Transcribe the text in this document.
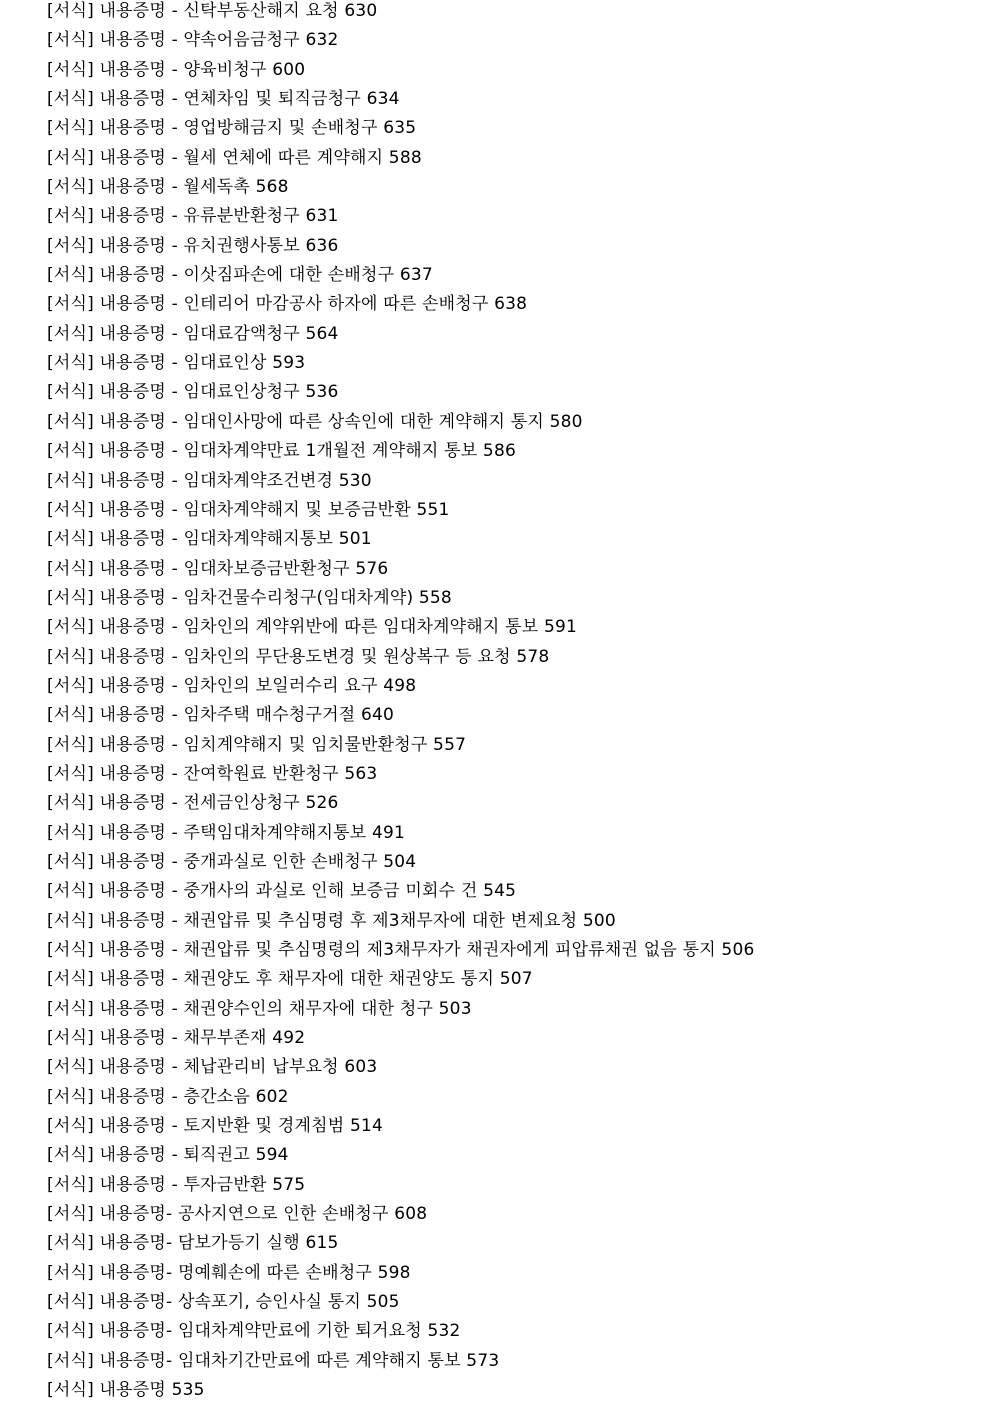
[서식] 내용증명 - 신탁부동산해지 요청 630
[서식] 내용증명 - 약속어음금청구 632
[서식] 내용증명 - 양육비청구 600
[서식] 내용증명 - 연체차임 및 퇴직금청구 634
[서식] 내용증명 - 영업방해금지 및 손배청구 635
[서식] 내용증명 - 월세 연체에 따른 계약해지 588
[서식] 내용증명 - 월세독촉 568
[서식] 내용증명 - 유류분반환청구 631
[서식] 내용증명 - 유치권행사통보 636
[서식] 내용증명 - 이삿짐파손에 대한 손배청구 637
[서식] 내용증명 - 인테리어 마감공사 하자에 따른 손배청구 638
[서식] 내용증명 - 임대료감액청구 564
[서식] 내용증명 - 임대료인상 593
[서식] 내용증명 - 임대료인상청구 536
[서식] 내용증명 - 임대인사망에 따른 상속인에 대한 계약해지 통지 580
[서식] 내용증명 - 임대차계약만료 1개월전 계약해지 통보 586
[서식] 내용증명 - 임대차계약조건변경 530
[서식] 내용증명 - 임대차계약해지 및 보증금반환 551
[서식] 내용증명 - 임대차계약해지통보 501
[서식] 내용증명 - 임대차보증금반환청구 576
[서식] 내용증명 - 임차건물수리청구(임대차계약) 558
[서식] 내용증명 - 임차인의 계약위반에 따른 임대차계약해지 통보 591
[서식] 내용증명 - 임차인의 무단용도변경 및 원상복구 등 요청 578
[서식] 내용증명 - 임차인의 보일러수리 요구 498
[서식] 내용증명 - 임차주택 매수청구거절 640
[서식] 내용증명 - 임치계약해지 및 임치물반환청구 557
[서식] 내용증명 - 잔여학원료 반환청구 563
[서식] 내용증명 - 전세금인상청구 526
[서식] 내용증명 - 주택임대차계약해지통보 491
[서식] 내용증명 - 중개과실로 인한 손배청구 504
[서식] 내용증명 - 중개사의 과실로 인해 보증금 미회수 건 545
[서식] 내용증명 - 채권압류 및 추심명령 후 제3채무자에 대한 변제요청 500
[서식] 내용증명 - 채권압류 및 추심명령의 제3채무자가 채권자에게 피압류채권 없음 통지 506
[서식] 내용증명 - 채권양도 후 채무자에 대한 채권양도 통지 507
[서식] 내용증명 - 채권양수인의 채무자에 대한 청구 503
[서식] 내용증명 - 채무부존재 492
[서식] 내용증명 - 체납관리비 납부요청 603
[서식] 내용증명 - 층간소음 602
[서식] 내용증명 - 토지반환 및 경계침범 514
[서식] 내용증명 - 퇴직권고 594
[서식] 내용증명 - 투자금반환 575
[서식] 내용증명- 공사지연으로 인한 손배청구 608
[서식] 내용증명- 담보가등기 실행 615
[서식] 내용증명- 명예훼손에 따른 손배청구 598
[서식] 내용증명- 상속포기, 승인사실 통지 505
[서식] 내용증명- 임대차계약만료에 기한 퇴거요청 532
[서식] 내용증명- 임대차기간만료에 따른 계약해지 통보 573
[서식] 내용증명 535
